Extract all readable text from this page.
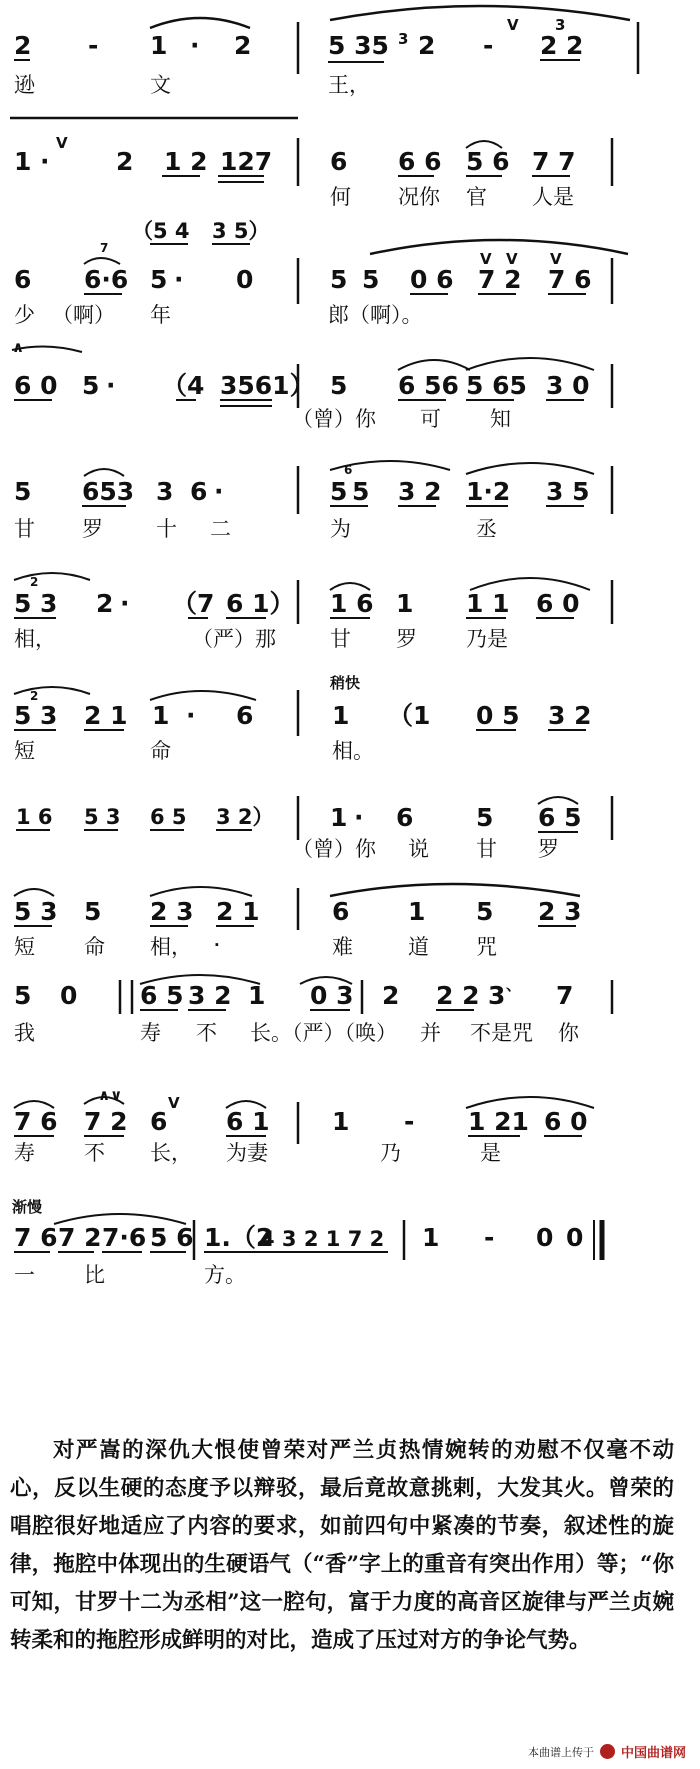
2 - 1 · 2	5 35 2 - 2 2
3
V 3
逊	文	王，
1 ·
V
2 1 2 127 6 6 6 5 6 7 7
何 况你 官 人是
（5 4 3 5）
7
6 6·6 5 · 0
少 （啊） 年
5 5 0 6 7 2 7 6
V V V
郎（啊）。
∧
6 0 5 · （4 3561） 5 6 56 5 65 3 0
（曾）你 可 知
5 653 3 6 ·
甘 罗	十 二
6
5 5 3 2 1·2 3 5
为	丞
2
5 3 2 · （7 6 1）
相，	（严）那
1 6 1 1 1 6 0
甘 罗 乃是
稍快
2
5 3 2 1 1 · 6
短	命
1 （1 0 5 3 2
相。
1 6 5 3 6 5 3 2） 1 · 6	5 6 5
（曾）你 说 甘 罗
5 3 5 2 3 2 1
短 命 相， ·
6 1 5 2 3
难	道 咒
5 0	6 5 3 2 1 0 3 2 2 2 3 、 7
我	寿 不 长。（严）（唤） 并 不是咒 你
∧∨	V
7 6 7 2 6 6 1
寿 不 长， 为妻
1 - 1 21 6 0
乃	是
渐慢
7 6 7 2 7·6 5 6 1.（2
4 3 2 1 7 2 1 - 0 0
一 比	方。

对严嵩的深仇大恨使曾荣对严兰贞热情婉转的劝慰不仅毫不动心，反以生硬的态度予以辩驳，最后竟故意挑剌，大发其火。曾荣的唱腔很好地适应了内容的要求，如前四句中紧凑的节奏，叙述性的旋律，拖腔中体现出的生硬语气（“香”字上的重音有突出作用）等；“你可知，甘罗十二为丞相”这一腔句，富于力度的高音区旋律与严兰贞婉转柔和的拖腔形成鲜明的对比，造成了压过对方的争论气势。

本曲谱上传于 中国曲谱网
